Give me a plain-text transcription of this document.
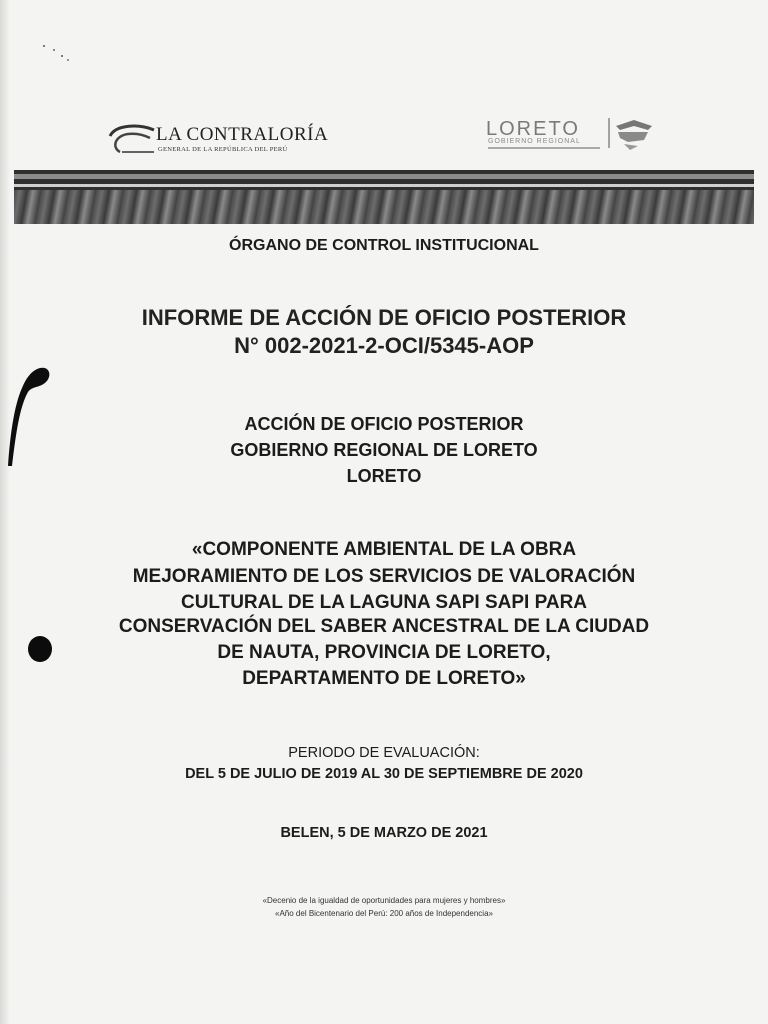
LA CONTRALORÍA
GENERAL DE LA REPÚBLICA DEL PERÚ
LORETO
GOBIERNO REGIONAL
ÓRGANO DE CONTROL INSTITUCIONAL
INFORME DE ACCIÓN DE OFICIO POSTERIOR
N° 002-2021-2-OCI/5345-AOP
ACCIÓN DE OFICIO POSTERIOR
GOBIERNO REGIONAL DE LORETO
LORETO
«COMPONENTE AMBIENTAL DE LA OBRA
MEJORAMIENTO DE LOS SERVICIOS DE VALORACIÓN
CULTURAL DE LA LAGUNA SAPI SAPI PARA
CONSERVACIÓN DEL SABER ANCESTRAL DE LA CIUDAD
DE NAUTA, PROVINCIA DE LORETO,
DEPARTAMENTO DE LORETO»
PERIODO DE EVALUACIÓN:
DEL 5 DE JULIO DE 2019 AL 30 DE SEPTIEMBRE DE 2020
BELEN, 5 DE MARZO DE 2021
«Decenio de la igualdad de oportunidades para mujeres y hombres»
«Año del Bicentenario del Perú: 200 años de Independencia»
